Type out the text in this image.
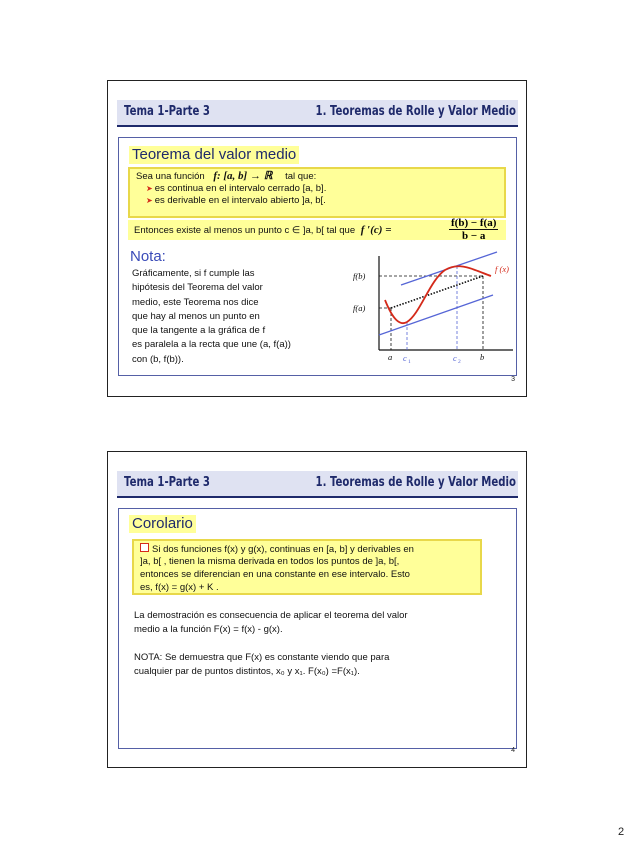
Tema 1-Parte 3	1. Teoremas de Rolle y Valor Medio
Teorema del valor medio
Sea una función f: [a, b] → ℝ tal que:
➤ es continua en el intervalo cerrado [a, b].
➤ es derivable en el intervalo abierto ]a, b[.
Entonces existe al menos un punto c ∈ ]a, b[ tal que f ′(c) =	$\frac{f(b) - f(a)}{b - a}$
Nota:
Gráficamente, si f cumple las
hipótesis del Teorema del valor
medio, este Teorema nos dice
que hay al menos un punto en
que la tangente a la gráfica de f
es paralela a la recta que une (a, f(a))
con (b, f(b)).
f(b)
f(a)
f (x)
a c 1	c 2 b
3
Tema 1-Parte 3	1. Teoremas de Rolle y Valor Medio
Corolario
Si dos funciones f(x) y g(x), continuas en [a, b] y derivables en
]a, b[ , tienen la misma derivada en todos los puntos de ]a, b[,
entonces se diferencian en una constante en ese intervalo. Esto
es, f(x) = g(x) + K .
La demostración es consecuencia de aplicar el teorema del valor
medio a la función F(x) = f(x) - g(x).
NOTA: Se demuestra que F(x) es constante viendo que para
cualquier par de puntos distintos, x₀ y x₁. F(x₀) =F(x₁).
4
2
